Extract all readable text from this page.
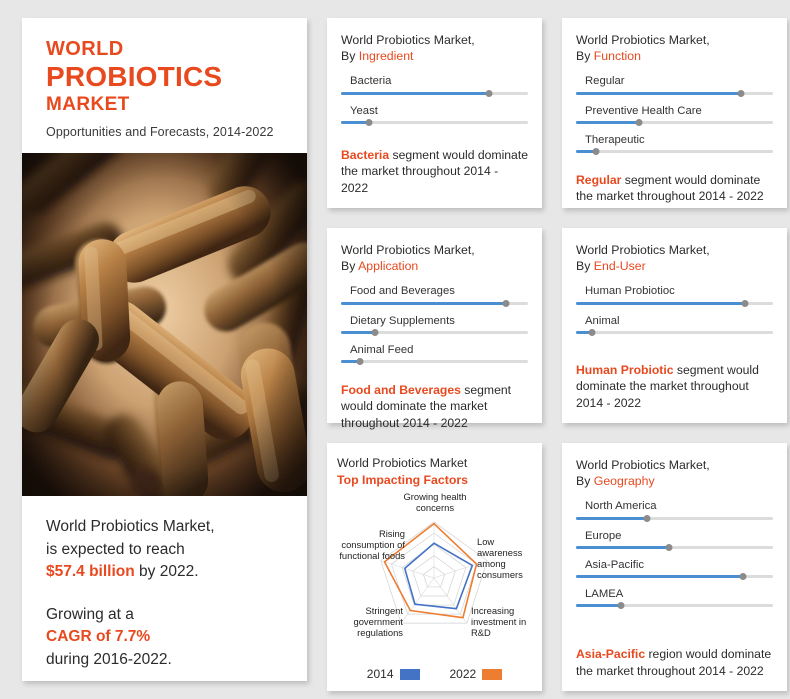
WORLD
PROBIOTICS
MARKET
Opportunities and Forecasts, 2014-2022

World Probiotics Market,
is expected to reach
$57.4 billion by 2022.

Growing at a
CAGR of 7.7%
during 2016-2022.

World Probiotics Market,
By Ingredient
Bacteria
Yeast
Bacteria segment would dominate the market throughout 2014 - 2022
World Probiotics Market,
By Function
Regular
Preventive Health Care
Therapeutic
Regular segment would dominate the market throughout 2014 - 2022
World Probiotics Market,
By Application
Food and Beverages
Dietary Supplements
Animal Feed
Food and Beverages segment would dominate the market throughout 2014 - 2022
World Probiotics Market,
By End-User
Human Probiotioc
Animal
Human Probiotic segment would dominate the market throughout 2014 - 2022
World Probiotics Market
Top Impacting Factors
Growing health concerns
Low awareness among consumers
Increasing investment in R&D
Stringent government regulations
Rising consumption of functional foods
2014	2022
World Probiotics Market,
By Geography
North America
Europe
Asia-Pacific
LAMEA
Asia-Pacific region would dominate the market throughout 2014 - 2022
